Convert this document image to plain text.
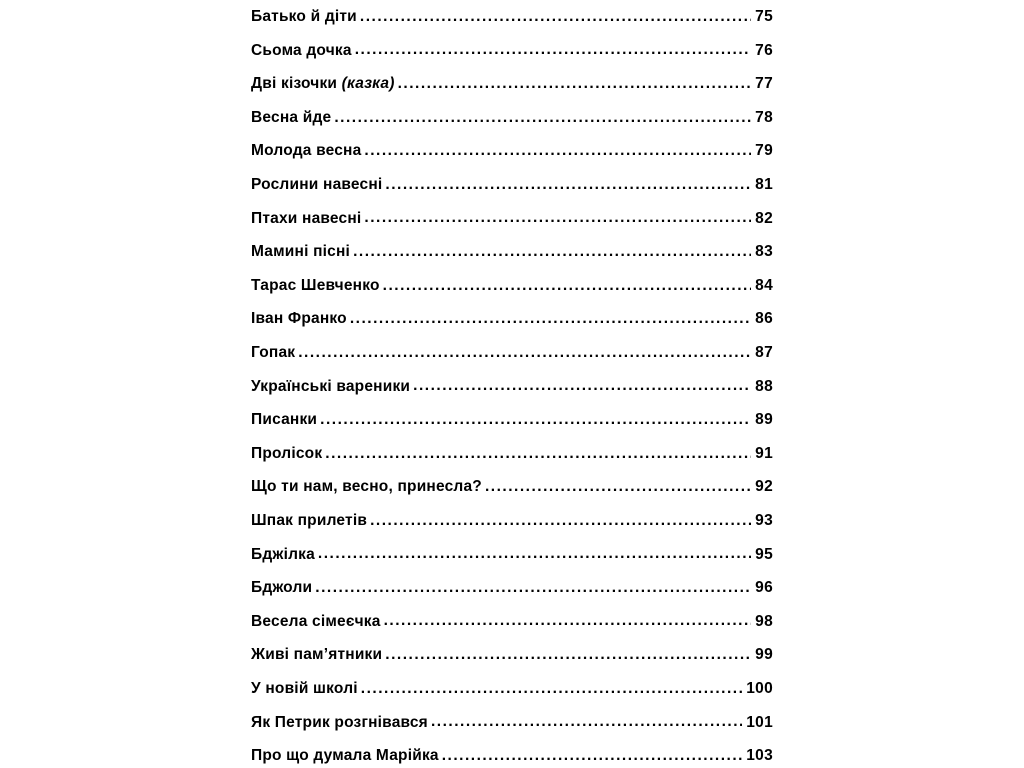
Батько й діти . . .	75
Сьома дочка . . .	76
Дві кізочки (казка) . . .	77
Весна йде . . .	78
Молода весна . . .	79
Рослини навесні . . .	81
Птахи навесні . . .	82
Мамині пісні . . .	83
Тарас Шевченко . . .	84
Іван Франко . . .	86
Гопак . . .	87
Українські вареники . . .	88
Писанки . . .	89
Пролісок . . .	91
Що ти нам, весно, принесла? . . .	92
Шпак прилетів . . .	93
Бджілка . . .	95
Бджоли . . .	96
Весела сімеєчка . . .	98
Живі пам’ятники . . .	99
У новій школі . . .	100
Як Петрик розгнівався . . .	101
Про що думала Марійка . . .	103
